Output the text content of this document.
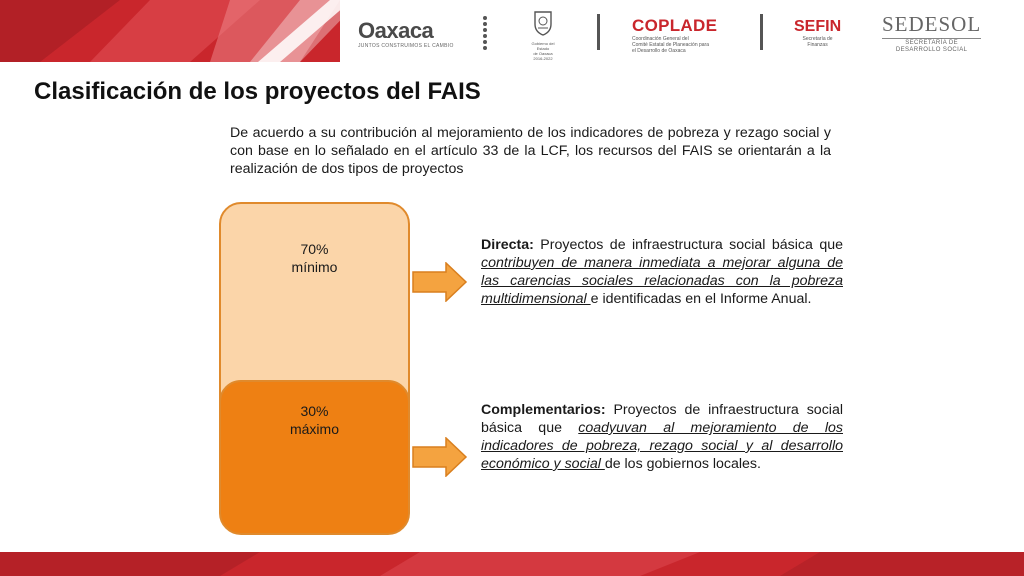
Oaxaca
JUNTOS CONSTRUIMOS EL CAMBIO	Gobierno del Estado
de Oaxaca
2016-2022
COPLADE
Coordinación General del
Comité Estatal de Planeación para
el Desarrollo de Oaxaca
SEFIN
Secretaría de
Finanzas
SEDESOL
SECRETARÍA DE
DESARROLLO SOCIAL
Clasificación de los proyectos del FAIS

De acuerdo a su contribución al mejoramiento de los indicadores de pobreza y rezago social y con base en lo señalado en el artículo 33 de la LCF, los recursos del FAIS se orientarán a la realización de dos tipos de proyectos

70%
mínimo
30%
máximo

Directa: Proyectos de infraestructura social básica que contribuyen de manera inmediata a mejorar alguna de las carencias sociales relacionadas con la pobreza multidimensional e identificadas en el Informe Anual.

Complementarios: Proyectos de infraestructura social básica que coadyuvan al mejoramiento de los indicadores de pobreza, rezago social y al desarrollo económico y social de los gobiernos locales.
